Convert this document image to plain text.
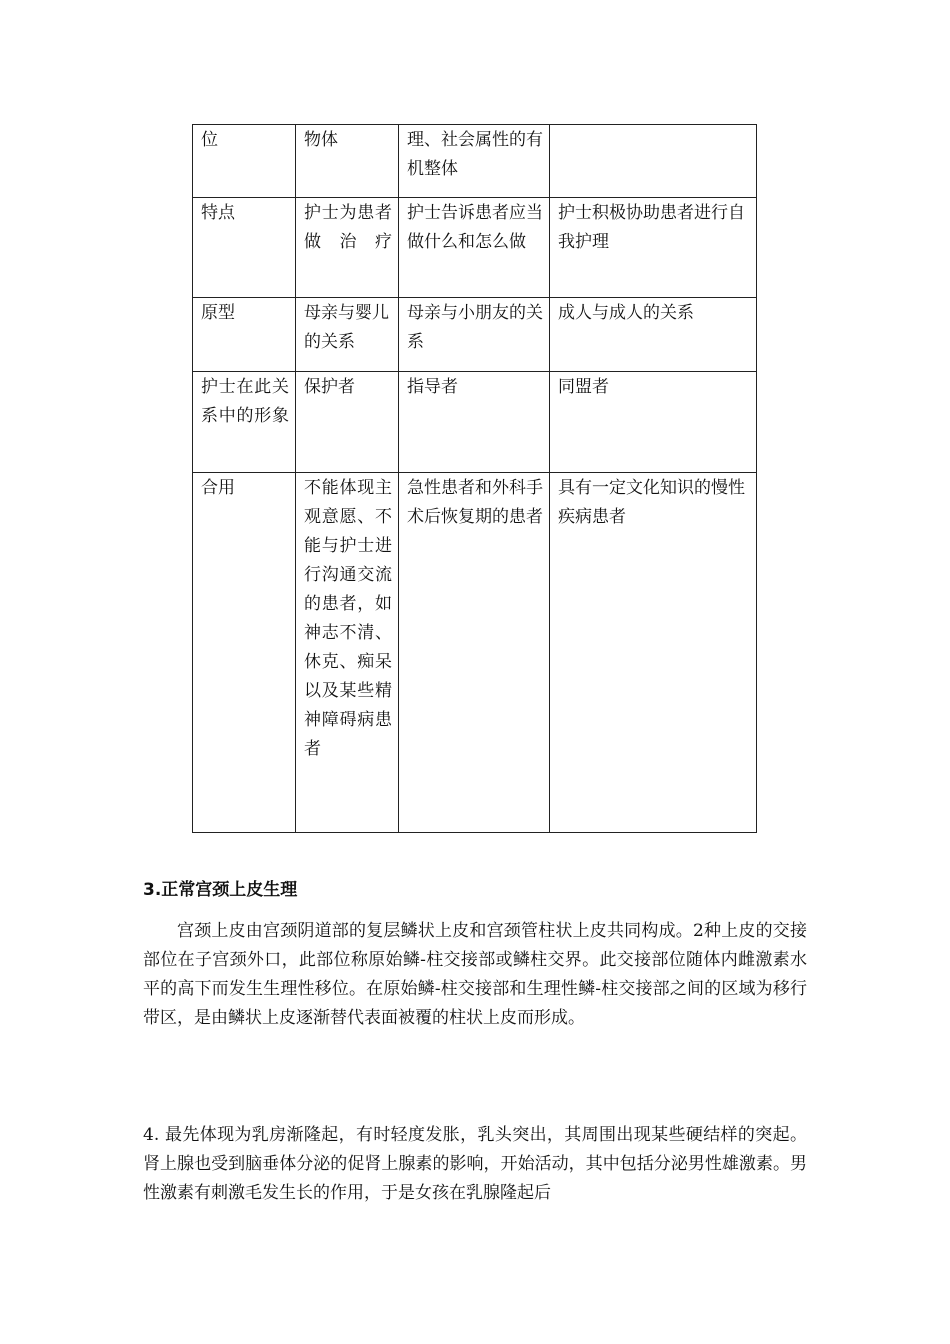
位	物体	理、社会属性的有机整体	
特点	护士为患者做治疗	护士告诉患者应当做什么和怎么做	护士积极协助患者进行自我护理
原型	母亲与婴儿的关系	母亲与小朋友的关系	成人与成人的关系
护士在此关系中的形象	保护者	指导者	同盟者
合用	不能体现主观意愿、不能与护士进行沟通交流的患者，如神志不清、休克、痴呆以及某些精神障碍病患者	急性患者和外科手术后恢复期的患者	具有一定文化知识的慢性疾病患者
3.正常宫颈上皮生理

宫颈上皮由宫颈阴道部的复层鳞状上皮和宫颈管柱状上皮共同构成。2种上皮的交接部位在子宫颈外口，此部位称原始鳞-柱交接部或鳞柱交界。此交接部位随体内雌激素水平的高下而发生生理性移位。在原始鳞-柱交接部和生理性鳞-柱交接部之间的区域为移行带区，是由鳞状上皮逐渐替代表面被覆的柱状上皮而形成。

4. 最先体现为乳房渐隆起，有时轻度发胀，乳头突出，其周围出现某些硬结样的突起。肾上腺也受到脑垂体分泌的促肾上腺素的影响，开始活动，其中包括分泌男性雄激素。男性激素有刺激毛发生长的作用，于是女孩在乳腺隆起后
